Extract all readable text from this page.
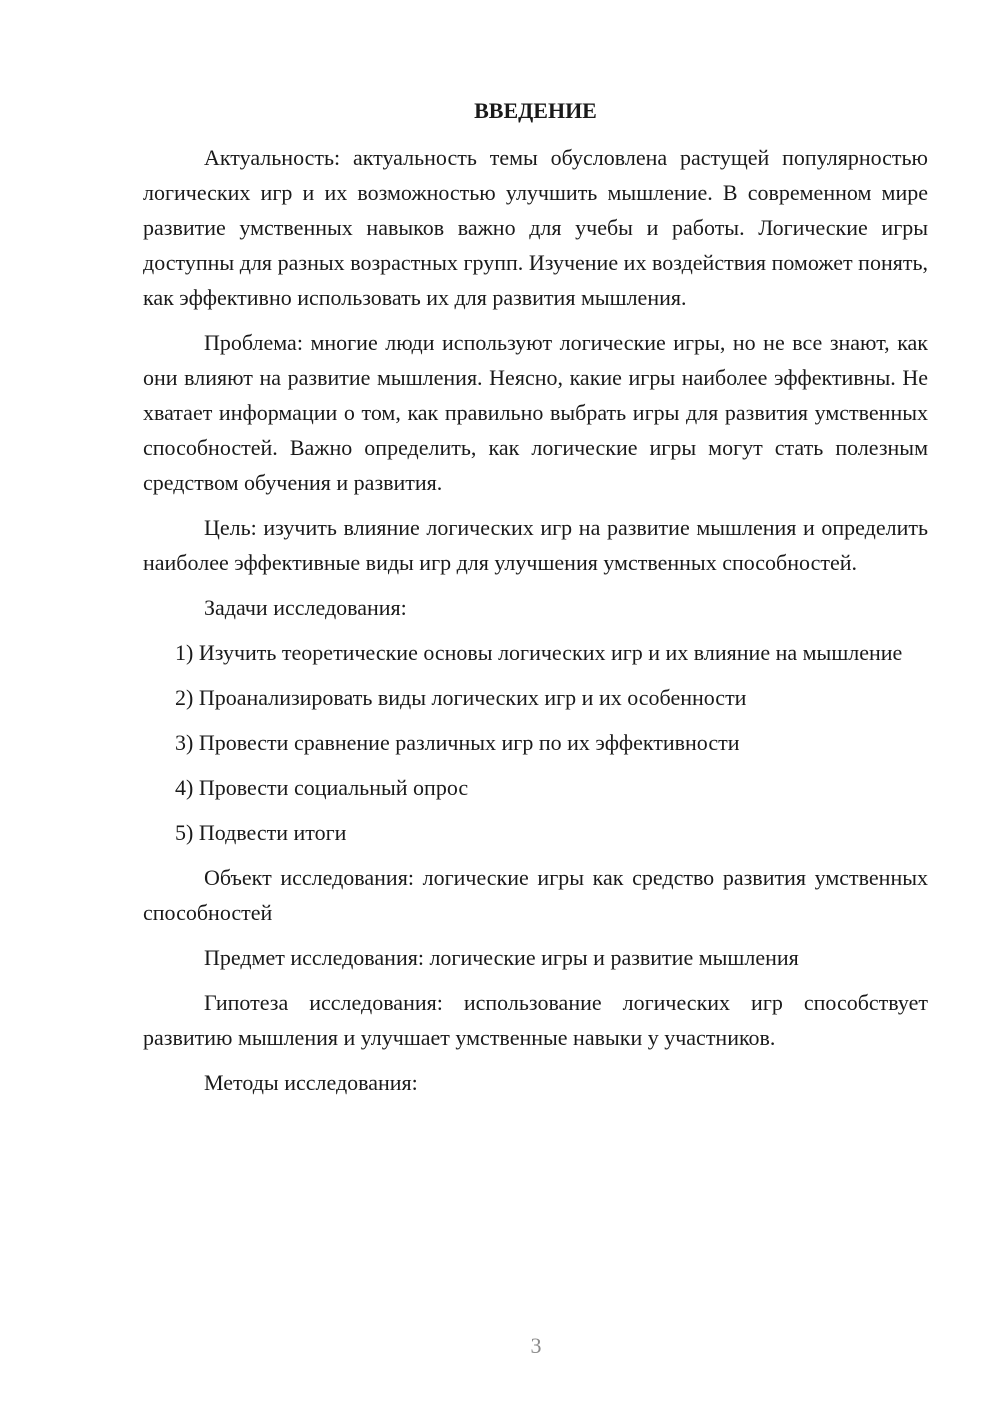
ВВЕДЕНИЕ

Актуальность: актуальность темы обусловлена растущей популярностью логических игр и их возможностью улучшить мышление. В современном мире развитие умственных навыков важно для учебы и работы. Логические игры доступны для разных возрастных групп. Изучение их воздействия поможет понять, как эффективно использовать их для развития мышления.

Проблема: многие люди используют логические игры, но не все знают, как они влияют на развитие мышления. Неясно, какие игры наиболее эффективны. Не хватает информации о том, как правильно выбрать игры для развития умственных способностей. Важно определить, как логические игры могут стать полезным средством обучения и развития.

Цель: изучить влияние логических игр на развитие мышления и определить наиболее эффективные виды игр для улучшения умственных способностей.

Задачи исследования:

1) Изучить теоретические основы логических игр и их влияние на мышление

2) Проанализировать виды логических игр и их особенности

3) Провести сравнение различных игр по их эффективности

4) Провести социальный опрос

5) Подвести итоги

Объект исследования: логические игры как средство развития умственных способностей

Предмет исследования: логические игры и развитие мышления

Гипотеза исследования: использование логических игр способствует развитию мышления и улучшает умственные навыки у участников.

Методы исследования:

3
